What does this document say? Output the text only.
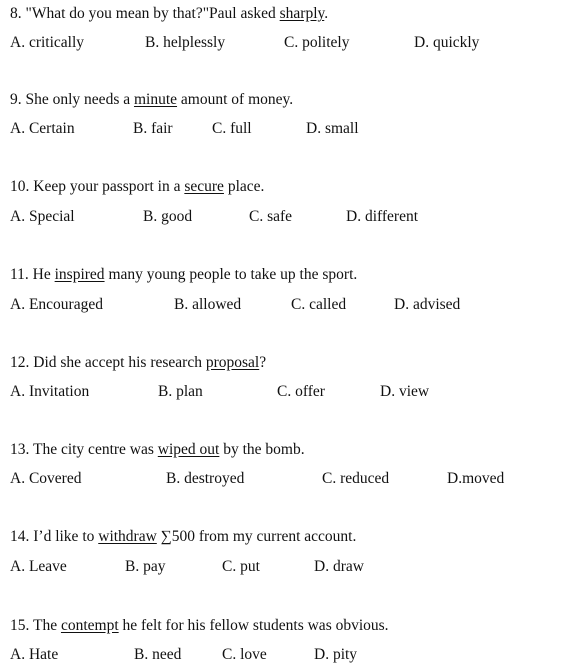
8. "What do you mean by that?"Paul asked sharply.
A. critically	B. helplessly	C. politely	D. quickly
9. She only needs a minute amount of money.
A. Certain	B. fair	C. full	D. small
10. Keep your passport in a secure place.
A. Special	B. good	C. safe	D. different
11. He inspired many young people to take up the sport.
A. Encouraged	B. allowed	C. called	D. advised
12. Did she accept his research proposal?
A. Invitation	B. plan	C. offer	D. view
13. The city centre was wiped out by the bomb.
A. Covered	B. destroyed	C. reduced	D.moved
14. I’d like to withdraw ∑500 from my current account.
A. Leave	B. pay	C. put	D. draw
15. The contempt he felt for his fellow students was obvious.
A. Hate	B. need	C. love	D. pity
